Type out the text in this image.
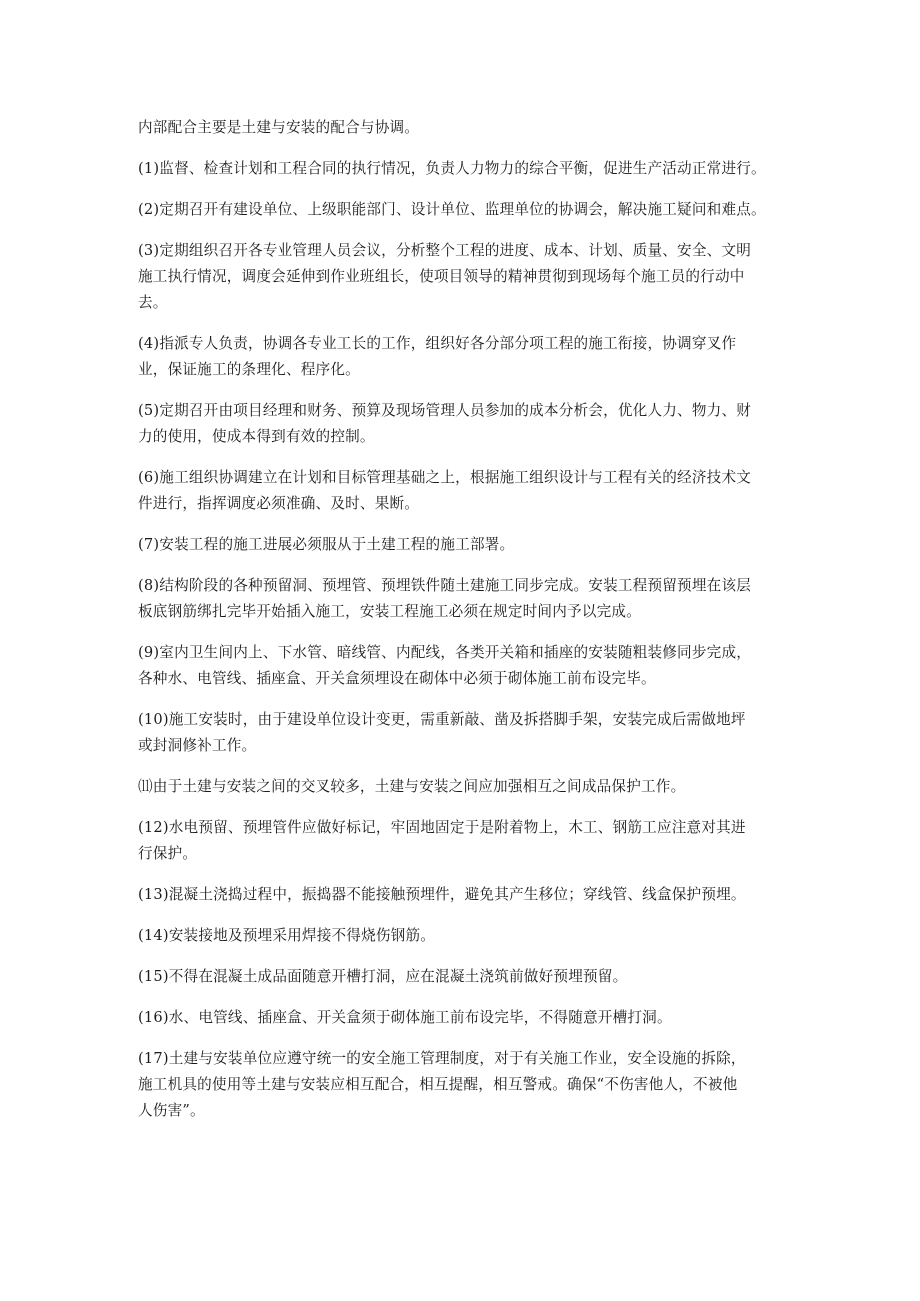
内部配合主要是土建与安装的配合与协调。

(1)监督、检查计划和工程合同的执行情况，负责人力物力的综合平衡，促进生产活动正常进行。

(2)定期召开有建设单位、上级职能部门、设计单位、监理单位的协调会，解决施工疑问和难点。

(3)定期组织召开各专业管理人员会议，分析整个工程的进度、成本、计划、质量、安全、文明
施工执行情况，调度会延伸到作业班组长，使项目领导的精神贯彻到现场每个施工员的行动中
去。

(4)指派专人负责，协调各专业工长的工作，组织好各分部分项工程的施工衔接，协调穿叉作
业，保证施工的条理化、程序化。

(5)定期召开由项目经理和财务、预算及现场管理人员参加的成本分析会，优化人力、物力、财
力的使用，使成本得到有效的控制。

(6)施工组织协调建立在计划和目标管理基础之上，根据施工组织设计与工程有关的经济技术文
件进行，指挥调度必须准确、及时、果断。

(7)安装工程的施工进展必须服从于土建工程的施工部署。

(8)结构阶段的各种预留洞、预埋管、预埋铁件随土建施工同步完成。安装工程预留预埋在该层
板底钢筋绑扎完毕开始插入施工，安装工程施工必须在规定时间内予以完成。

(9)室内卫生间内上、下水管、暗线管、内配线，各类开关箱和插座的安装随粗装修同步完成，
各种水、电管线、插座盒、开关盒须埋设在砌体中必须于砌体施工前布设完毕。

(10)施工安装时，由于建设单位设计变更，需重新敲、凿及拆搭脚手架，安装完成后需做地坪
或封洞修补工作。

⑾由于土建与安装之间的交叉较多，土建与安装之间应加强相互之间成品保护工作。

(12)水电预留、预埋管件应做好标记，牢固地固定于是附着物上，木工、钢筋工应注意对其进
行保护。

(13)混凝土浇捣过程中，振捣器不能接触预埋件，避免其产生移位；穿线管、线盒保护预埋。

(14)安装接地及预埋采用焊接不得烧伤钢筋。

(15)不得在混凝土成品面随意开槽打洞，应在混凝土浇筑前做好预埋预留。

(16)水、电管线、插座盒、开关盒须于砌体施工前布设完毕，不得随意开槽打洞。

(17)土建与安装单位应遵守统一的安全施工管理制度，对于有关施工作业，安全设施的拆除，
施工机具的使用等土建与安装应相互配合，相互提醒，相互警戒。确保“不伤害他人，不被他
人伤害”。
